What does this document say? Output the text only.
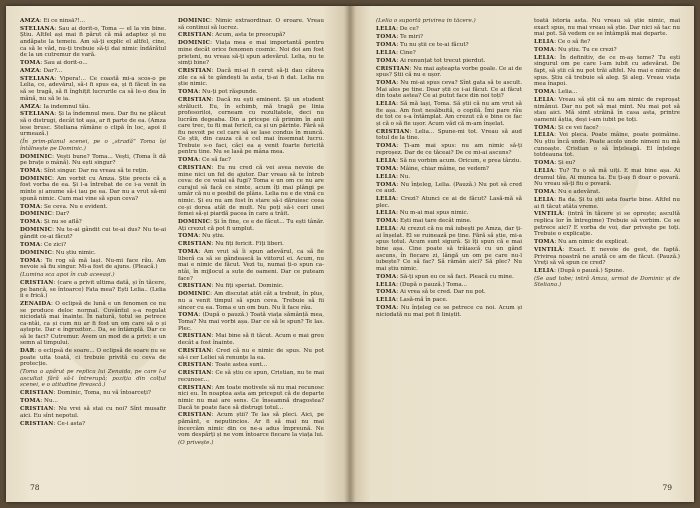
AMZA: Ei ce ninsă?!...

STELIANA: Sau ai dorit-o, Toma — el la vin bine. Știu. Altfel ași mai fi părut că mă adaptez și nu andăpate la temeiu. Am să-ți explic el altfel, cine, ca să le văd, nu-ți trebuie să-ți dai nimic îndărătul de la un cutremur de vară.

TOMA: Sau ai dorit-o...

AMZA: Dar?...

STELIANA: Vipera!... Ce coastă mi-a scos-o pe Lelia, ce, adevărul, să-i fi spus ea, și fi făcut în ea să se tragă, să fi înghițit lucrurile ca să le-o dea în mână, nu să le ia.

AMZA: Ia indemnul tău.

STELIANA: Și la îndemnul meu. Dar fiu ne plăcut să o distrugi, decât tot așa, ar fi parte de ea. (Amza iese brusc. Steliana rămâne o clipă în loc, apoi il urmează.)

(În prim-planul scenei, pe o „stradă” Toma își întâlnește pe Dominic.)

DOMINIC: Vești bune? Toma... Vești, (Toma îi dă pe brațe o mână). Nu ești singur?

TOMA: Sînt singur. Dar nu vreau să te rețin.

DOMINIC: Am vorbit cu Amza. Știe precis că a fost vorba de ea. Și l-a întrebat de ce i-a venit în minte și anume să-i iau pe ea. Dar nu a vrut să-mi spună nimic. Cum mai vine să spun ceva?

TOMA: Se ceva. Nu e evident.

DOMINIC: Dar?

TOMA: Și nu se află?

DOMINIC: Nu te-ai gândit cui te-ai dus? Nu te-ai gândit ce-ai făcut?

TOMA: Ce zici?

DOMINIC: Nu știu nimic.

TOMA: Te rog să mă lași. Nu-mi face rău. Am nevoie să fiu singur. Mi-a fost de ajuns. (Pleacă.)

(Lumina sca apoi în cub aceeași.)

CRISTIAN: (care a privit ultima dată, și în tăcere, pe bancă, se întoarce) Fata mea? Ești Lelia.. (Lelia îi e frică.)

ZENAIDA: O eclipsă de lună e un fenomen ce nu se produce deloc normal. Cuvântul s-a regulat niciodată mai înainte. În natură, totul se petrece ca-ntâi, ca și cum nu ar fi fost un om care să o și aștepte. Dar e îngrozitor... Da, se întâmplă. Dar ce să le faci? Cutremur. Avem un mod de a privi: e un semn al timpului.

DAR: o eclipsă de soare... O eclipsă de soare nu se poate uita toată, ci trebuie privită cu ceva de protecție.

(Toma a apărut pe replica lui Zenaida, pe care l-a ascultat fără să-l întrerupă; poziția din colțul scenei, e o atitudine firească.)

CRISTIAN: Dominic, Toma, nu vă întoarceți?

TOMA: Nu...

CRISTIAN: Nu vrei să stai cu noi? Sînt musafir aici. Eu sînt nepotul.

CRISTIAN: Ce-i asta?

DOMINIC: Nimic extraordinar. O eroare. Vreau să continui să lucrez.

CRISTIAN: Acum, asta te preocupă?

DOMINIC: Viața mea e mai importantă pentru mine decât orice fenomen cosmic. Noi doi am fost prieteni, nu vreau să-ți spun adevărul. Lelia, nu te simți bine?

CRISTIAN: Dacă mi-ai fi cerut să-ți dau câteva zile ca să te gândești la asta, ți-ai fi dat. Lelia nu știe nimic.

TOMA: Nu-ți pot răspunde.

CRISTIAN: Dacă nu ești eminent. Și un student strălucit. Eu, în schimb, mă tragă pe linia profesoriloi, cerneam cu rezultatele, deci nu lucrăm degeaba. Din a pricepe că primim în anii care trec, tu fii mai fericit, ca și un părinte. Fără să fiu nevoit pe cel care să se lase condus în muncă. Ce știi, din cauza că e cel mai însemnat lucru. Trebuie s-o faci, căci ea a venit foarte fericită pentru tine. Nu se lasă pe mâna mea.

TOMA: Ce să fac?

CRISTIAN: Eu nu cred că vei avea nevoie de mine nici un fel de ajutor. Dar vreau să te întreb ceva: de ce voiai să fugi? Toma e un om ce nu are curajul să facă ce simte, acum îți mai plângi pe umăr că nu e posibil de plâns. Lelia nu e de vină cu nimic. Și eu nu am fost în stare să-i dăruiesc ceea ce-și dorea atât de mult. Nu poți să-i ceri unei femei să-și piardă pacea în care a trăit.

DOMINIC: Și în fine, ce e de făcut... Tu ești tânăr. Ați crezut că pot fi umplut.

TOMA: Nu știu.

CRISTIAN: Nu fiți fericit. Fiți liberi.

TOMA: Am vrut să îi spun adevărul, ca să fie liberă ca să se gândească la viitorul ei. Acum, nu mai e nimic de făcut. Vezi tu, numai ți-o spun ca-ntâi, în mijlocul a sute de oameni. Dar ce puteam face?

CRISTIAN: Nu fiți speriat. Dominic.

DOMINIC: Am discutat atât cât a trebuit, în plus, nu a venit timpul să spun ceva. Trebuie să fii sincer cu ea. Toma e un om bun. Nu îi face rău.

TOMA: (După o pauză.) Toată viața sămânță mea, Toma? Nu mai vorbi așa. Dar ce să le spun? Te las. Plec.

CRISTIAN: Mai bine să fi tăcut. Acum e mai greu decât a fost înainte.

CRISTIAN: Cred că nu e nimic de spus. Nu pot să-i cer Leliei să renunțe la ea.

CRISTIAN: Toate astea sunt...

CRISTIAN: Ce să știu ce spun, Cristian, nu te mai recunosc...

CRISTIAN: Am toate motivele să nu mai recunosc nici eu. În noaptea asta am priceput că de departe nimic nu mai are sens. Ce înseamnă dragostea? Dacă te poate face să distrugi totul...

CRISTIAN: Acum știi? Te las să pleci. Aici, pe pământ, e neputincios. Ar fi să mai nu mai încercăm nimic din ce ne-a adus împreună. Ne vom despărți și ne vom întoarce fiecare la viața lui.

(O privește.)

78

(Lelia o suportă privirea în tăcere.)

LELIA: De ce?

TOMA: Te miri?

TOMA: Tu nu știi ce te-ai făcut?

LELIA: Cine?

TOMA: Ai renunțat tot trecut pierdut.

CRISTIAN: Nu mai așteapta vorbe goale. Ce ai de spus? Știi că nu e ușor.

TOMA: Nu mi-ai spus ceva? Sînt gata să te ascult. Mai ales pe tine. Doar știi ce i-ai făcut. Ce ai făcut din toate astea? Ce ai putut face din noi toți?

LELIA: Să mă lași, Toma. Să știi că nu am vrut să fie așa. Am fost nesăbuită, o copilă. Îmi pare rău de tot ce s-a întâmplat. Am crezut că e bine ce fac și că o să fie ușor. Acum văd că m-am înșelat.

CRISTIAN: Lelia... Spune-mi tot. Vreau să aud totul de la tine.

TOMA: Ți-am mai spus: nu am nimic să-ți reproșez. Dar de ce tăceai? De ce mi-ai ascuns?

LELIA: Să nu vorbim acum. Oricum, e prea târziu.

TOMA: Mâine, chiar mâine, ne vedem?

LELIA: Nu.

TOMA: Nu înțeleg, Lelia. (Pauză.) Nu pot să cred ce aud.

LELIA: Crezi? Atunci ce ai de făcut? Lasă-mă să plec.

LELIA: Nu m-ai mai spus nimic.

TOMA: Ești mai tare decât mine.

LELIA: Ai crezut că nu mă iubești pe Amza, dar ți-ai înșelat. El se ruinează pe tine. Fără să știe, mi-a spus totul. Acum sunt sigură. Și îți spun că e mai bine așa. Cine poate să trăiască cu un gând ascuns, în fiecare zi, lângă un om pe care nu-l iubește? Ce să fac? Să rămân aici? Să plec? Nu mai știu nimic.

TOMA: Să-ți spun eu ce să faci. Pleacă cu mine.

LELIA: (După o pauză.) Toma...

TOMA: Ai vrea să te cred. Dar nu pot.

LELIA: Lasă-mă în pace.

TOMA: Nu înțeleg ce se petrece cu noi. Acum și niciodată nu mai pot fi liniștit.

toată istoria asta. Nu vreau să știe nimic, mai exact spus, nu mai vreau să știe. Dar nici să tac nu mai pot. Să vedem ce se întâmplă mai departe.

LELIA: Ce o să fie?

TOMA: Nu știu. Tu ce crezi?

LELIA: În definitiv, de ce m-aș teme? Tu ești singurul om pe care l-am iubit cu adevărat. De fapt, să știi că nu pot trăi altfel. Nu mai e nimic de spus. Știu că trebuie să aleg. Și aleg. Vreau viața mea înapoi.

TOMA: Lelia...

LELIA: Vreau să știi că nu am nimic de reproșat nimănui. Dar nu pot să mai mint. Nu mai pot să stau aici. Mă simt străină în casa asta, printre oamenii ăștia, deși i-am iubit pe toți.

TOMA: Și ce vei face?

LELIA: Voi pleca. Poate mâine, poate poimâine. Nu știu încă unde. Poate acolo unde nimeni nu mă cunoaște. Cristian o să înțeleagă. El înțelege totdeauna tot.

TOMA: Și eu?

LELIA: Tu? Tu o să mă uiți. E mai bine așa. Ai drumul tău. Ai munca ta. Eu ți-aș fi doar o povară. Nu vreau să-ți fiu o povară.

TOMA: Nu e adevărat.

LELIA: Ba da. Și tu știi asta foarte bine. Altfel nu ai fi tăcut atâta vreme.

VINTILĂ: (intră în tăcere și se oprește; ascultă replica lor în întregime) Trebuie să vorbim. Ce se petrece aici? E vorba de voi, dar privește pe toți. Trebuie o explicație.

TOMA: Nu am nimic de explicat.

VINTILĂ: Exact. E nevoie de gest, de faptă. Privirea noastră ne arată ce am de făcut. (Pauză.) Vreți să vă spun ce cred?

LELIA: (După o pauză.) Spune.

(Se aud tobe; intră Amza, urmat de Dominic și de Steliana.)

79
